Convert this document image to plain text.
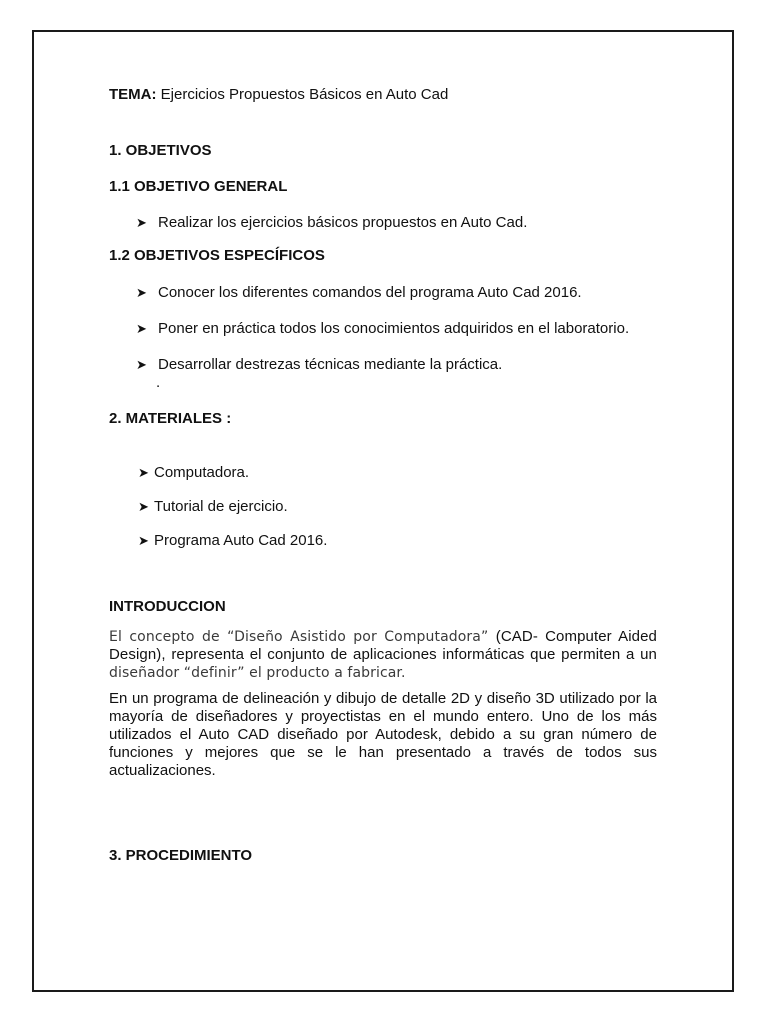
TEMA: Ejercicios Propuestos Básicos en Auto Cad
1. OBJETIVOS
1.1 OBJETIVO GENERAL
➤ Realizar los ejercicios básicos propuestos en Auto Cad.
1.2 OBJETIVOS ESPECÍFICOS
➤ Conocer los diferentes comandos del programa Auto Cad 2016.
➤ Poner en práctica todos los conocimientos adquiridos en el laboratorio.
➤ Desarrollar destrezas técnicas mediante la práctica.
.
2. MATERIALES :
➤ Computadora.
➤ Tutorial de ejercicio.
➤ Programa Auto Cad 2016.
INTRODUCCION
El concepto de “Diseño Asistido por Computadora” (CAD- Computer Aided Design), representa el conjunto de aplicaciones informáticas que permiten a un diseñador “definir” el producto a fabricar.
En un programa de delineación y dibujo de detalle 2D y diseño 3D utilizado por la mayoría de diseñadores y proyectistas en el mundo entero. Uno de los más utilizados el Auto CAD diseñado por Autodesk, debido a su gran número de funciones y mejores que se le han presentado a través de todos sus actualizaciones.
3. PROCEDIMIENTO
